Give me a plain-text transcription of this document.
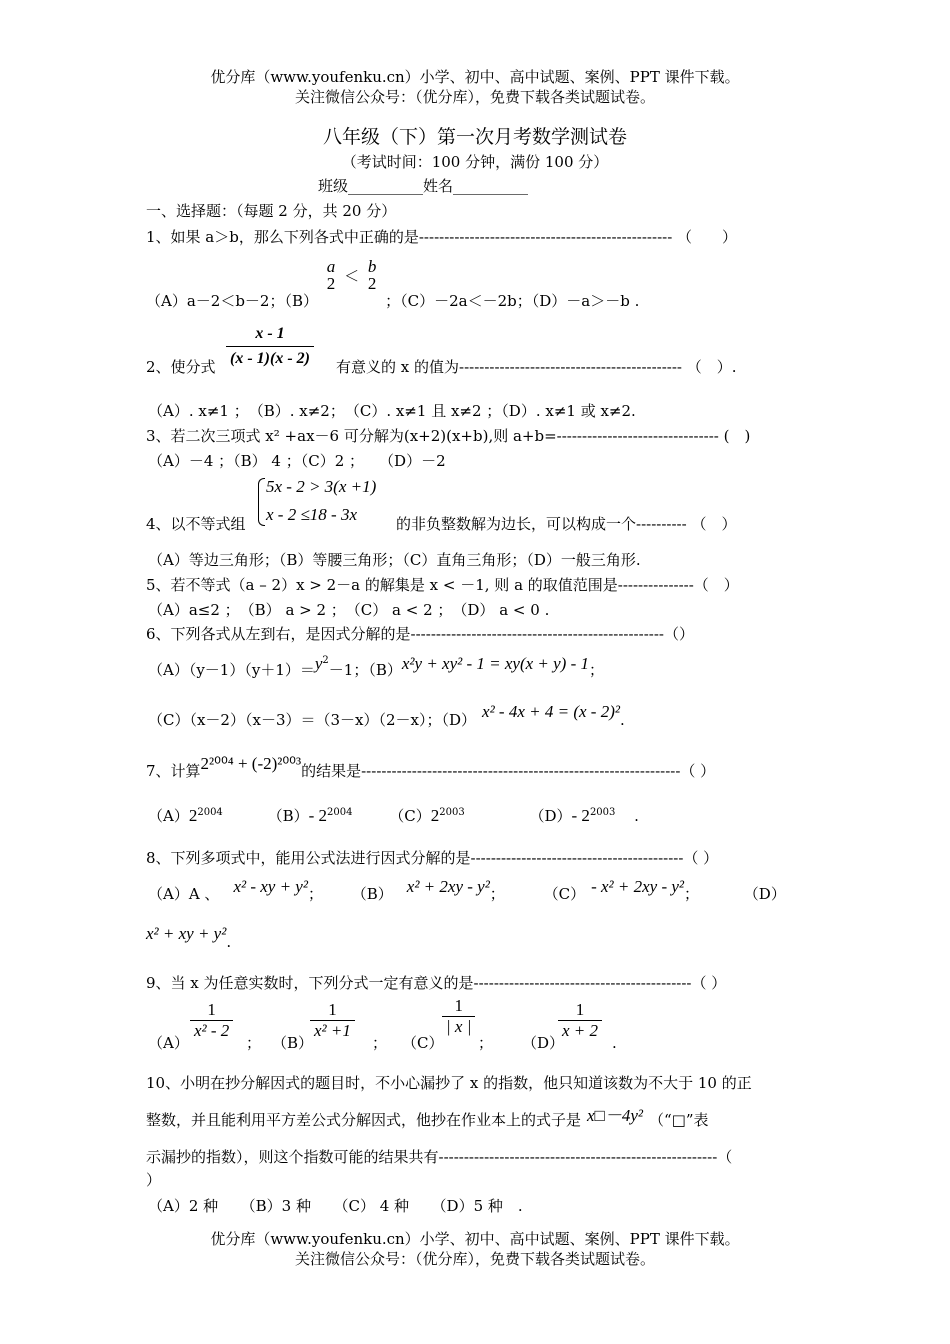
优分库（www.youfenku.cn）小学、初中、高中试题、案例、PPT 课件下载。
关注微信公众号：（优分库），免费下载各类试题试卷。
八年级（下）第一次月考数学测试卷
（考试时间：100 分钟，满份 100 分）
班级__________姓名__________
一、选择题：（每题 2 分，共 20 分）
1、如果 a＞b，那么下列各式中正确的是-------------------------------------------------- （　　）
（A）a－2＜b－2；（B）
a
2 ＜ b
2
；（C）－2a＜－2b；（D）－a＞－b .
$\frac{x - 1}{(x - 1)(x - 2)}$
2、使分式	有意义的 x 的值为-------------------------------------------- （　）.
（A）. x≠1 ；　（B）. x≠2；　（C）. x≠1 且 x≠2 ；（D）. x≠1 或 x≠2.
3、若二次三项式 x² +ax－6 可分解为(x+2)(x+b),则 a+b=-------------------------------- (　)
（A）－4 ；（B） 4 ；（C）2 ；　　（D）－2
5x - 2 > 3(x +1)
x - 2 ≤18 - 3x
4、以不等式组	的非负整数解为边长，可以构成一个---------- （　）
（A）等边三角形；（B）等腰三角形；（C）直角三角形；（D）一般三角形.
5、若不等式（a – 2）x > 2－a 的解集是 x < －1, 则 a 的取值范围是---------------（　）
（A）a≤2 ；　（B） a > 2 ；　（C） a < 2 ；　（D） a < 0 .
6、下列各式从左到右，是因式分解的是--------------------------------------------------（）
$(A)(y-1)(y+1)=y^2-1$；（B）x²y + xy² - 1 = xy(x + y) - 1；
（C）（x－2）（x－3）＝（3－x）（2－x）；（D） x² - 4x + 4 = (x - 2)².
7、计算2²⁰⁰⁴ + (-2)²⁰⁰³的结果是---------------------------------------------------------------（ ）
$(A)2^{2004}$	（B）- $2^{2004}$ $(C)2^{2003}$	（D）- $2^{2003}$ .
8、下列多项式中，能用公式法进行因式分解的是------------------------------------------（ ）
（A）A 、 x² - xy + y²； （B） x² + 2xy - y²；	（C） - x² + 2xy - y²；	（D）
x² + xy + y².
9、当 x 为任意实数时，下列分式一定有意义的是-------------------------------------------（ ）
（A）
$\frac{1}{\text{x² - 2}}$
； （B）
$\frac{1}{\text{x² +1}}$
； （C）
$\frac{1}{| x |}$
； （D）
$\frac{1}{x + 2}$
.
10、小明在抄分解因式的题目时，不小心漏抄了 x 的指数，他只知道该数为不大于 10 的正
整数，并且能利用平方差公式分解因式，他抄在作业本上的式子是 x□－4y² （“□”表
示漏抄的指数），则这个指数可能的结果共有-------------------------------------------------------（
）
（A）2 种　　（B）3 种　　（C） 4 种　　（D）5 种　.
优分库（www.youfenku.cn）小学、初中、高中试题、案例、PPT 课件下载。
关注微信公众号：（优分库），免费下载各类试题试卷。
